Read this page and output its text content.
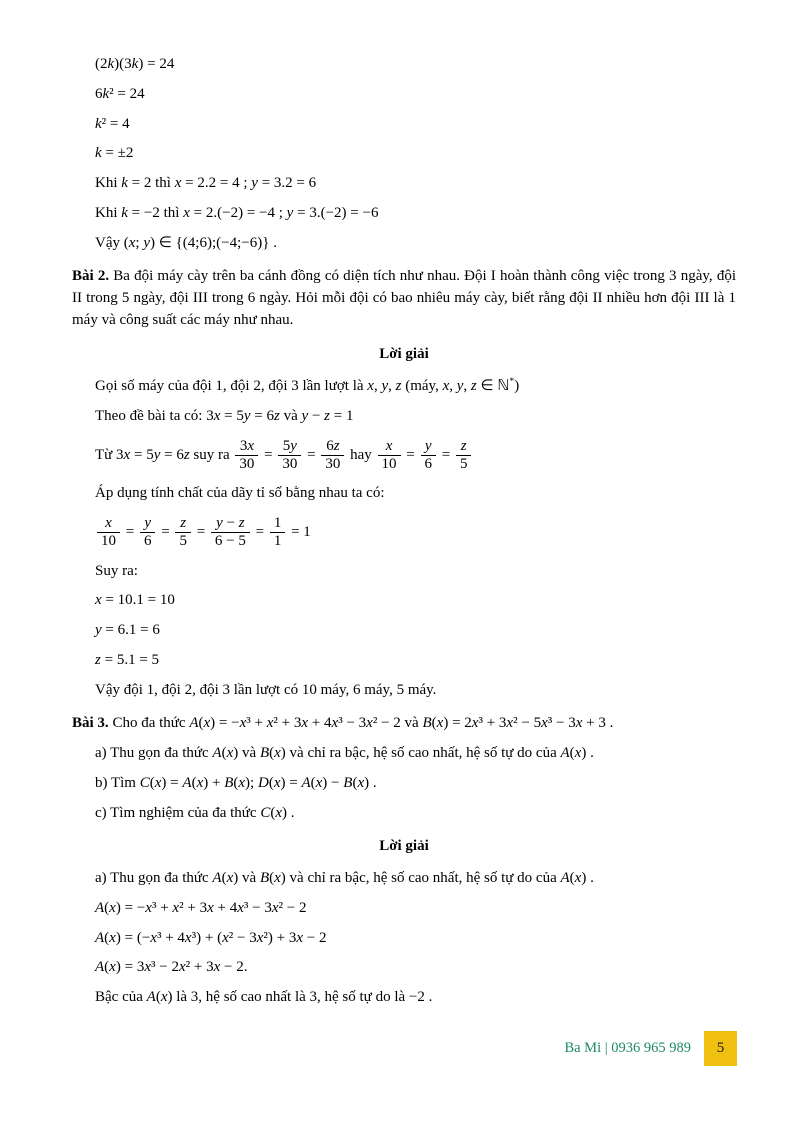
(2k)(3k) = 24
6k² = 24
k² = 4
k = ±2
Khi k = 2 thì x = 2.2 = 4 ; y = 3.2 = 6
Khi k = −2 thì x = 2.(−2) = −4 ; y = 3.(−2) = −6
Vậy (x; y) ∈ {(4;6);(−4;−6)} .
Bài 2. Ba đội máy cày trên ba cánh đồng có diện tích như nhau. Đội I hoàn thành công việc trong 3 ngày, đội II trong 5 ngày, đội III trong 6 ngày. Hỏi mỗi đội có bao nhiêu máy cày, biết rằng đội II nhiều hơn đội III là 1 máy và công suất các máy như nhau.
Lời giải
Gọi số máy của đội 1, đội 2, đội 3 lần lượt là x, y, z (máy, x, y, z ∈ ℕ*)
Theo đề bài ta có: 3x = 5y = 6z và y − z = 1
Từ 3x = 5y = 6z suy ra $\frac{3x}{30} = \frac{5y}{30} = \frac{6z}{30}$ hay $\frac{x}{10} = \frac{y}{6} = \frac{z}{5}$
Áp dụng tính chất của dãy tỉ số bằng nhau ta có:
$\frac{x}{10} = \frac{y}{6} = \frac{z}{5} = \frac{y - z}{6 - 5} = \frac{1}{1} = 1$
Suy ra:
x = 10.1 = 10
y = 6.1 = 6
z = 5.1 = 5
Vậy đội 1, đội 2, đội 3 lần lượt có 10 máy, 6 máy, 5 máy.
Bài 3. Cho đa thức A(x) = −x³ + x² + 3x + 4x³ − 3x² − 2 và B(x) = 2x³ + 3x² − 5x³ − 3x + 3 .
a) Thu gọn đa thức A(x) và B(x) và chỉ ra bậc, hệ số cao nhất, hệ số tự do của A(x) .
b) Tìm C(x) = A(x) + B(x); D(x) = A(x) − B(x) .
c) Tìm nghiệm của đa thức C(x) .
Lời giải
a) Thu gọn đa thức A(x) và B(x) và chỉ ra bậc, hệ số cao nhất, hệ số tự do của A(x) .
A(x) = −x³ + x² + 3x + 4x³ − 3x² − 2
A(x) = (−x³ + 4x³) + (x² − 3x²) + 3x − 2
A(x) = 3x³ − 2x² + 3x − 2.
Bậc của A(x) là 3, hệ số cao nhất là 3, hệ số tự do là −2 .
Ba Mi | 0936 965 989 5
